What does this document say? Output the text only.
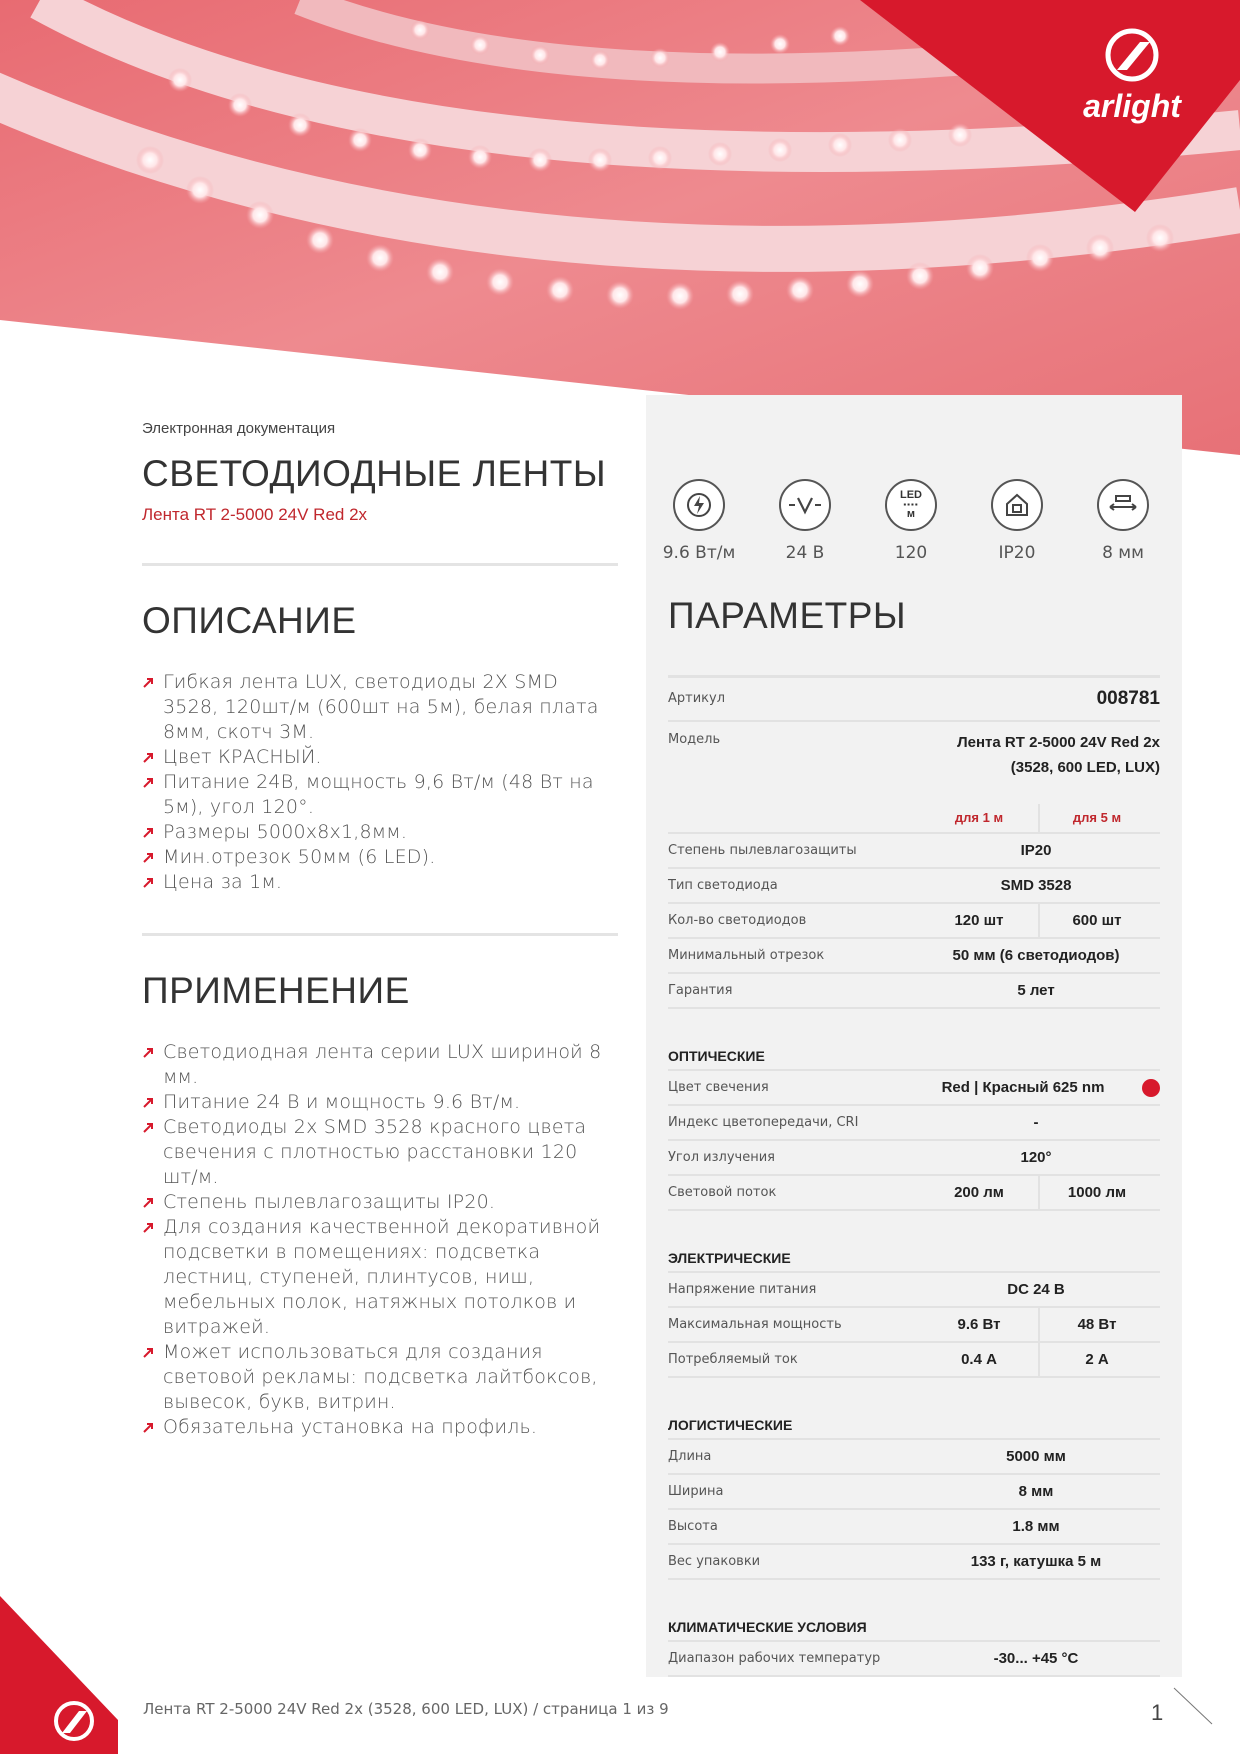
arlight

Электронная документация

СВЕТОДИОДНЫЕ ЛЕНТЫ

Лента RT 2-5000 24V Red 2x

ОПИСАНИЕ
Гибкая лента LUX, светодиоды 2X SMD 3528, 120шт/м (600шт на 5м), белая плата 8мм, скотч 3М.
Цвет КРАСНЫЙ.
Питание 24В, мощность 9,6 Вт/м (48 Вт на 5м), угол 120°.
Размеры 5000x8x1,8мм.
Мин.отрезок 50мм (6 LED).
Цена за 1м.
ПРИМЕНЕНИЕ
Светодиодная лента серии LUX шириной 8 мм.
Питание 24 В и мощность 9.6 Вт/м.
Светодиоды 2x SMD 3528 красного цвета свечения с плотностью расстановки 120 шт/м.
Степень пылевлагозащиты IP20.
Для создания качественной декоративной подсветки в помещениях: подсветка лестниц, ступеней, плинтусов, ниш, мебельных полок, натяжных потолков и витражей.
Может использоваться для создания световой рекламы: подсветка лайтбоксов, вывесок, букв, витрин.
Обязательна установка на профиль.
9.6 Вт/м	24 В
LED
▪▪▪▪
м
120	IP20	8 мм
ПАРАМЕТРЫ
Артикул	008781
Модель	Лента RT 2-5000 24V Red 2x
(3528, 600 LED, LUX)
для 1 м	для 5 м
Степень пылевлагозащиты	IP20
Тип светодиода	SMD 3528
Кол-во светодиодов	120 шт	600 шт
Минимальный отрезок	50 мм (6 светодиодов)
Гарантия	5 лет

ОПТИЧЕСКИЕ

Цвет свечения	Red | Красный 625 nm
Индекс цветопередачи, CRI	-
Угол излучения	120°
Световой поток	200 лм	1000 лм

ЭЛЕКТРИЧЕСКИЕ

Напряжение питания	DC 24 В
Максимальная мощность	9.6 Вт	48 Вт
Потребляемый ток	0.4 А	2 А

ЛОГИСТИЧЕСКИЕ

Длина	5000 мм
Ширина	8 мм
Высота	1.8 мм
Вес упаковки	133 г, катушка 5 м

КЛИМАТИЧЕСКИЕ УСЛОВИЯ

Диапазон рабочих температур	-30... +45 °С
Лента RT 2-5000 24V Red 2x (3528, 600 LED, LUX) / страница 1 из 9	1
